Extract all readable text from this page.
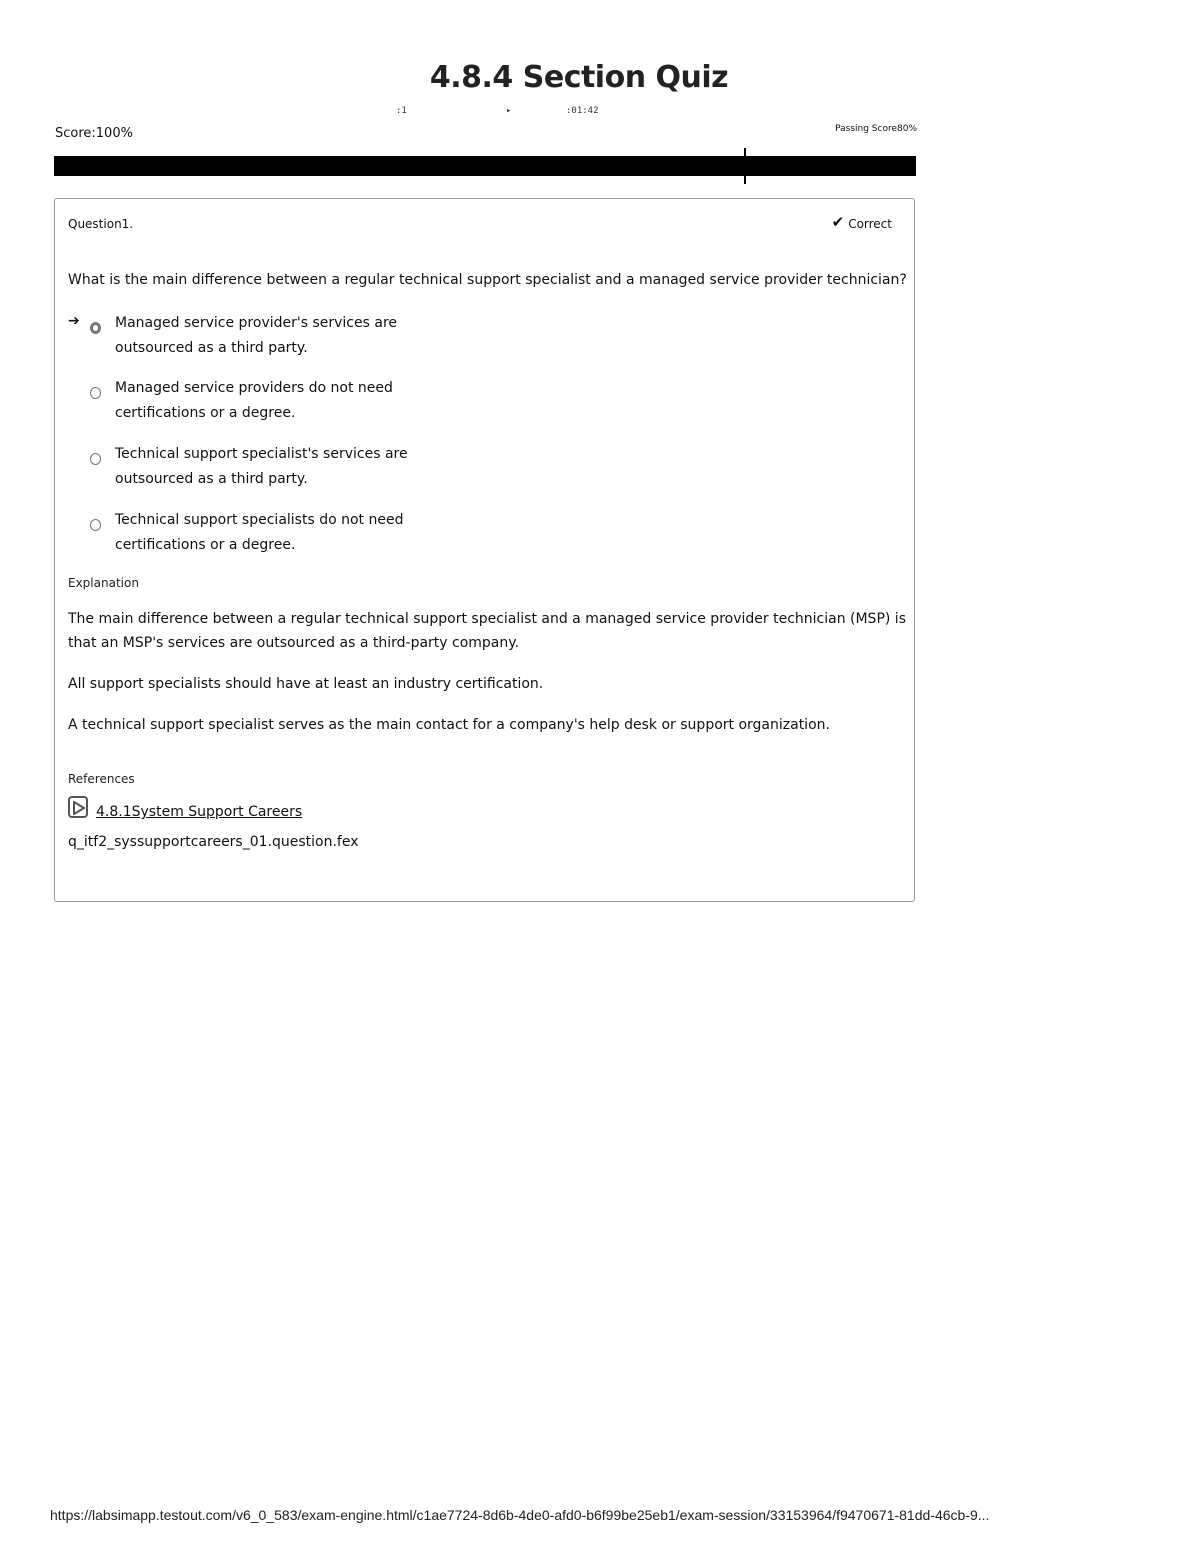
4.8.4 Section Quiz
:1	▸	:01:42
Score:100%	Passing Score80%
Question1.	✔ Correct
What is the main difference between a regular technical support specialist and a managed service provider technician?
➔	Managed service provider's services are outsourced as a third party.
Managed service providers do not need certifications or a degree.
Technical support specialist's services are outsourced as a third party.
Technical support specialists do not need certifications or a degree.
Explanation
The main difference between a regular technical support specialist and a managed service provider technician (MSP) is that an MSP's services are outsourced as a third-party company.
All support specialists should have at least an industry certification.
A technical support specialist serves as the main contact for a company's help desk or support organization.
References
4.8.1System Support Careers
q_itf2_syssupportcareers_01.question.fex
https://labsimapp.testout.com/v6_0_583/exam-engine.html/c1ae7724-8d6b-4de0-afd0-b6f99be25eb1/exam-session/33153964/f9470671-81dd-46cb-9...
